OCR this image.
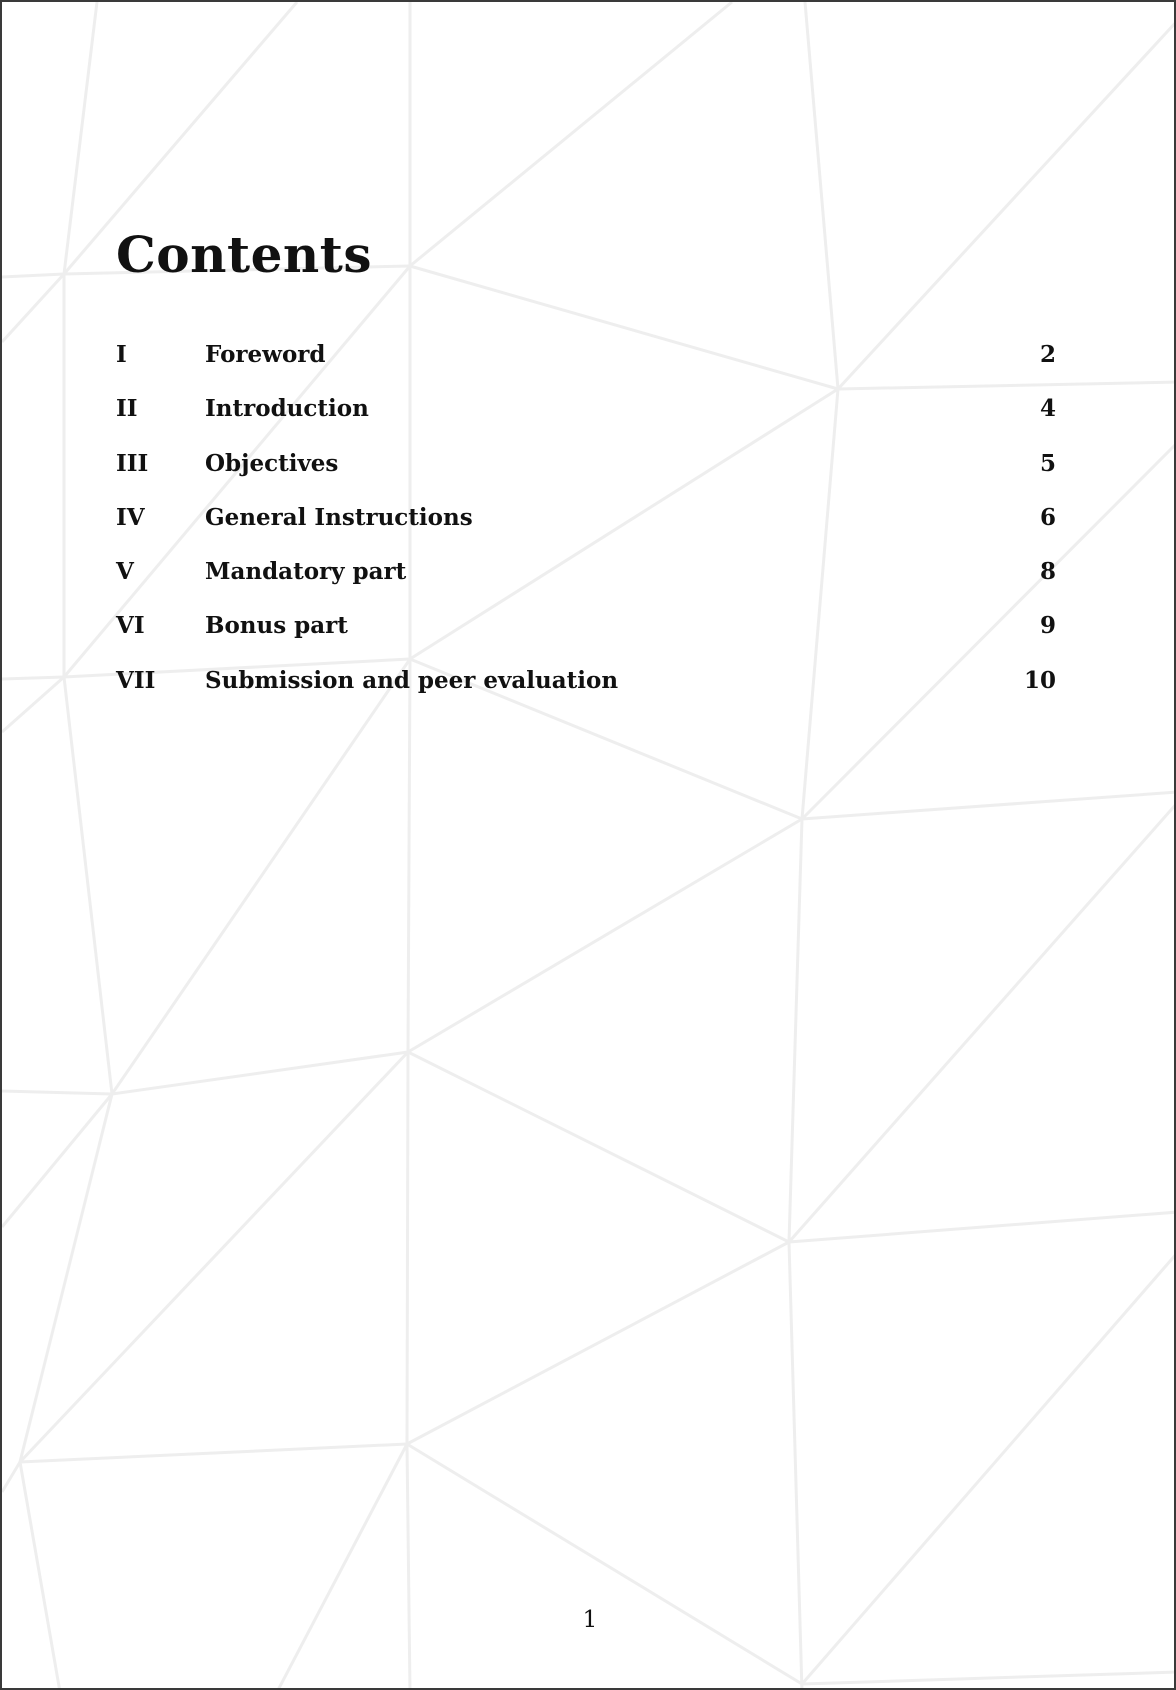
Contents
I	Foreword	2
II	Introduction	4
III Objectives	5
IV	General Instructions	6
V	Mandatory part	8
VI	Bonus part	9
VII Submission and peer evaluation	10
1
